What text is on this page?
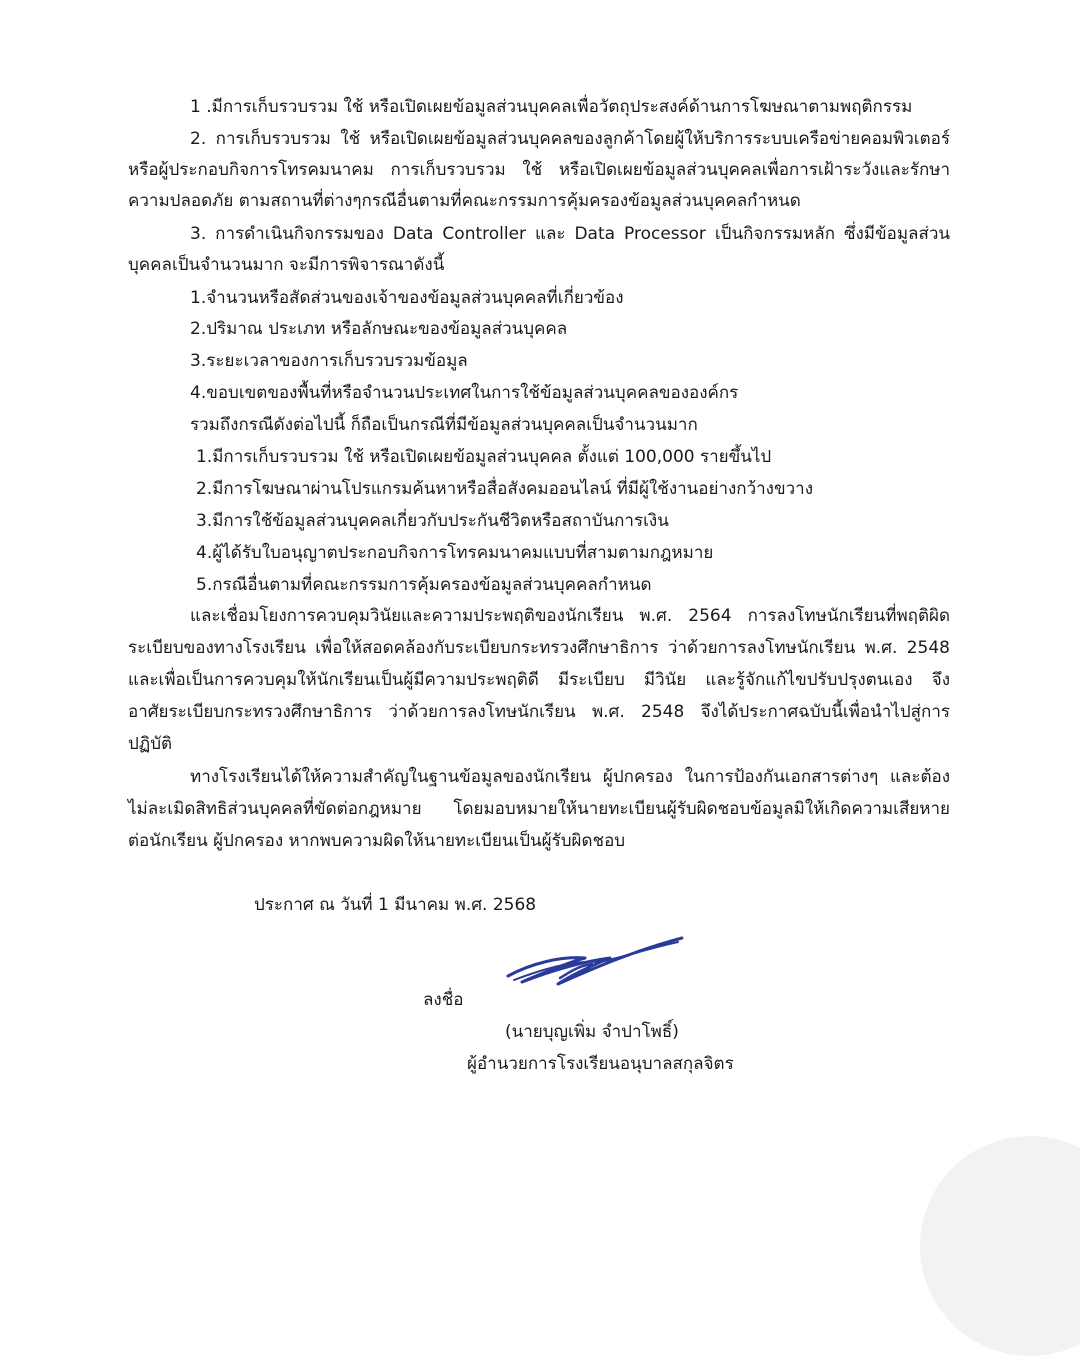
1 .มีการเก็บรวบรวม ใช้ หรือเปิดเผยข้อมูลส่วนบุคคลเพื่อวัตถุประสงค์ด้านการโฆษณาตามพฤติกรรม
2. การเก็บรวบรวม ใช้ หรือเปิดเผยข้อมูลส่วนบุคคลของลูกค้าโดยผู้ให้บริการระบบเครือข่ายคอมพิวเตอร์
หรือผู้ประกอบกิจการโทรคมนาคม การเก็บรวบรวม ใช้ หรือเปิดเผยข้อมูลส่วนบุคคลเพื่อการเฝ้าระวังและรักษา
ความปลอดภัย ตามสถานที่ต่างๆกรณีอื่นตามที่คณะกรรมการคุ้มครองข้อมูลส่วนบุคคลกำหนด
3. การดำเนินกิจกรรมของ Data Controller และ Data Processor เป็นกิจกรรมหลัก ซึ่งมีข้อมูลส่วน
บุคคลเป็นจำนวนมาก จะมีการพิจารณาดังนี้
1.จำนวนหรือสัดส่วนของเจ้าของข้อมูลส่วนบุคคลที่เกี่ยวข้อง
2.ปริมาณ ประเภท หรือลักษณะของข้อมูลส่วนบุคคล
3.ระยะเวลาของการเก็บรวบรวมข้อมูล
4.ขอบเขตของพื้นที่หรือจำนวนประเทศในการใช้ข้อมูลส่วนบุคคลขององค์กร
รวมถึงกรณีดังต่อไปนี้ ก็ถือเป็นกรณีที่มีข้อมูลส่วนบุคคลเป็นจำนวนมาก
1.มีการเก็บรวบรวม ใช้ หรือเปิดเผยข้อมูลส่วนบุคคล ตั้งแต่ 100,000 รายขึ้นไป
2.มีการโฆษณาผ่านโปรแกรมค้นหาหรือสื่อสังคมออนไลน์ ที่มีผู้ใช้งานอย่างกว้างขวาง
3.มีการใช้ข้อมูลส่วนบุคคลเกี่ยวกับประกันชีวิตหรือสถาบันการเงิน
4.ผู้ได้รับใบอนุญาตประกอบกิจการโทรคมนาคมแบบที่สามตามกฎหมาย
5.กรณีอื่นตามที่คณะกรรมการคุ้มครองข้อมูลส่วนบุคคลกำหนด
และเชื่อมโยงการควบคุมวินัยและความประพฤติของนักเรียน พ.ศ. 2564 การลงโทษนักเรียนที่พฤติผิด
ระเบียบของทางโรงเรียน เพื่อให้สอดคล้องกับระเบียบกระทรวงศึกษาธิการ ว่าด้วยการลงโทษนักเรียน พ.ศ. 2548
และเพื่อเป็นการควบคุมให้นักเรียนเป็นผู้มีความประพฤติดี มีระเบียบ มีวินัย และรู้จักแก้ไขปรับปรุงตนเอง จึง
อาศัยระเบียบกระทรวงศึกษาธิการ ว่าด้วยการลงโทษนักเรียน พ.ศ. 2548 จึงได้ประกาศฉบับนี้เพื่อนำไปสู่การ
ปฏิบัติ
ทางโรงเรียนได้ให้ความสำคัญในฐานข้อมูลของนักเรียน ผู้ปกครอง ในการป้องกันเอกสารต่างๆ และต้อง
ไม่ละเมิดสิทธิส่วนบุคคลที่ขัดต่อกฎหมาย โดยมอบหมายให้นายทะเบียนผู้รับผิดชอบข้อมูลมิให้เกิดความเสียหาย
ต่อนักเรียน ผู้ปกครอง หากพบความผิดให้นายทะเบียนเป็นผู้รับผิดชอบ
ประกาศ ณ วันที่ 1 มีนาคม พ.ศ. 2568
ลงชื่อ
(นายบุญเพิ่ม จำปาโพธิ์)
ผู้อำนวยการโรงเรียนอนุบาลสกุลจิตร
